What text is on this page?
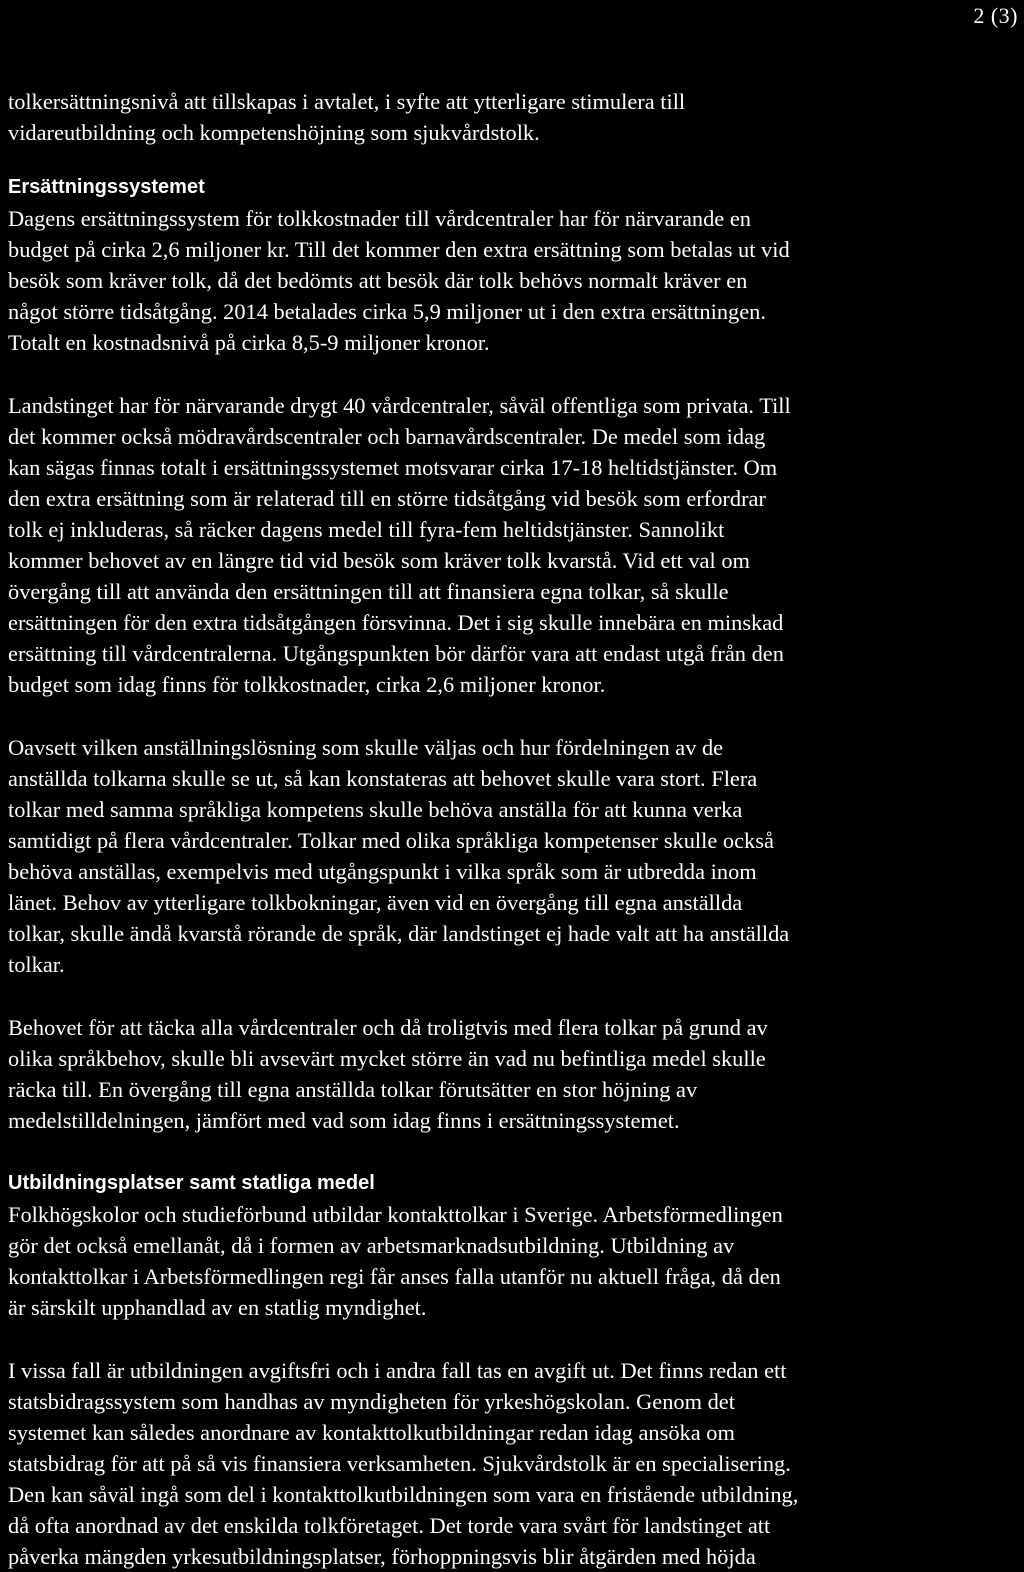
2 (3)
tolkersättningsnivå att tillskapas i avtalet, i syfte att ytterligare stimulera till
vidareutbildning och kompetenshöjning som sjukvårdstolk.
Ersättningssystemet
Dagens ersättningssystem för tolkkostnader till vårdcentraler har för närvarande en
budget på cirka 2,6 miljoner kr. Till det kommer den extra ersättning som betalas ut vid
besök som kräver tolk, då det bedömts att besök där tolk behövs normalt kräver en
något större tidsåtgång. 2014 betalades cirka 5,9 miljoner ut i den extra ersättningen.
Totalt en kostnadsnivå på cirka 8,5-9 miljoner kronor.
Landstinget har för närvarande drygt 40 vårdcentraler, såväl offentliga som privata. Till
det kommer också mödravårdscentraler och barnavårdscentraler. De medel som idag
kan sägas finnas totalt i ersättningssystemet motsvarar cirka 17-18 heltidstjänster. Om
den extra ersättning som är relaterad till en större tidsåtgång vid besök som erfordrar
tolk ej inkluderas, så räcker dagens medel till fyra-fem heltidstjänster. Sannolikt
kommer behovet av en längre tid vid besök som kräver tolk kvarstå. Vid ett val om
övergång till att använda den ersättningen till att finansiera egna tolkar, så skulle
ersättningen för den extra tidsåtgången försvinna. Det i sig skulle innebära en minskad
ersättning till vårdcentralerna. Utgångspunkten bör därför vara att endast utgå från den
budget som idag finns för tolkkostnader, cirka 2,6 miljoner kronor.
Oavsett vilken anställningslösning som skulle väljas och hur fördelningen av de
anställda tolkarna skulle se ut, så kan konstateras att behovet skulle vara stort. Flera
tolkar med samma språkliga kompetens skulle behöva anställa för att kunna verka
samtidigt på flera vårdcentraler. Tolkar med olika språkliga kompetenser skulle också
behöva anställas, exempelvis med utgångspunkt i vilka språk som är utbredda inom
länet. Behov av ytterligare tolkbokningar, även vid en övergång till egna anställda
tolkar, skulle ändå kvarstå rörande de språk, där landstinget ej hade valt att ha anställda
tolkar.
Behovet för att täcka alla vårdcentraler och då troligtvis med flera tolkar på grund av
olika språkbehov, skulle bli avsevärt mycket större än vad nu befintliga medel skulle
räcka till. En övergång till egna anställda tolkar förutsätter en stor höjning av
medelstilldelningen, jämfört med vad som idag finns i ersättningssystemet.
Utbildningsplatser samt statliga medel
Folkhögskolor och studieförbund utbildar kontakttolkar i Sverige. Arbetsförmedlingen
gör det också emellanåt, då i formen av arbetsmarknadsutbildning. Utbildning av
kontakttolkar i Arbetsförmedlingen regi får anses falla utanför nu aktuell fråga, då den
är särskilt upphandlad av en statlig myndighet.
I vissa fall är utbildningen avgiftsfri och i andra fall tas en avgift ut. Det finns redan ett
statsbidragssystem som handhas av myndigheten för yrkeshögskolan. Genom det
systemet kan således anordnare av kontakttolkutbildningar redan idag ansöka om
statsbidrag för att på så vis finansiera verksamheten. Sjukvårdstolk är en specialisering.
Den kan såväl ingå som del i kontakttolkutbildningen som vara en fristående utbildning,
då ofta anordnad av det enskilda tolkföretaget. Det torde vara svårt för landstinget att
påverka mängden yrkesutbildningsplatser, förhoppningsvis blir åtgärden med höjda
